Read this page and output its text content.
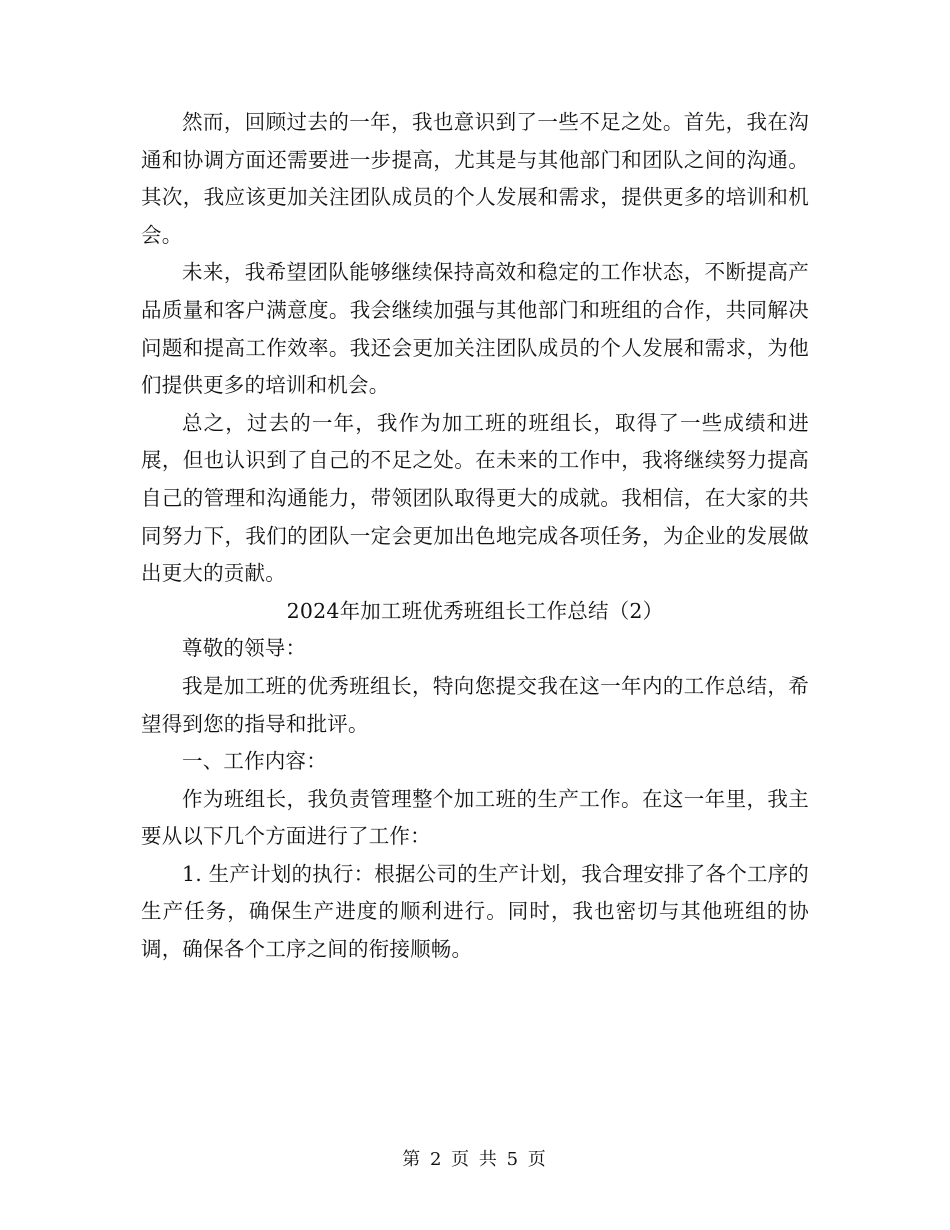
然而，回顾过去的一年，我也意识到了一些不足之处。首先，我在沟通和协调方面还需要进一步提高，尤其是与其他部门和团队之间的沟通。其次，我应该更加关注团队成员的个人发展和需求，提供更多的培训和机会。

未来，我希望团队能够继续保持高效和稳定的工作状态，不断提高产品质量和客户满意度。我会继续加强与其他部门和班组的合作，共同解决问题和提高工作效率。我还会更加关注团队成员的个人发展和需求，为他们提供更多的培训和机会。

总之，过去的一年，我作为加工班的班组长，取得了一些成绩和进展，但也认识到了自己的不足之处。在未来的工作中，我将继续努力提高自己的管理和沟通能力，带领团队取得更大的成就。我相信，在大家的共同努力下，我们的团队一定会更加出色地完成各项任务，为企业的发展做出更大的贡献。

2024年加工班优秀班组长工作总结（2）

尊敬的领导：

我是加工班的优秀班组长，特向您提交我在这一年内的工作总结，希望得到您的指导和批评。

一、工作内容：

作为班组长，我负责管理整个加工班的生产工作。在这一年里，我主要从以下几个方面进行了工作：

1. 生产计划的执行：根据公司的生产计划，我合理安排了各个工序的生产任务，确保生产进度的顺利进行。同时，我也密切与其他班组的协调，确保各个工序之间的衔接顺畅。

第 2 页 共 5 页
